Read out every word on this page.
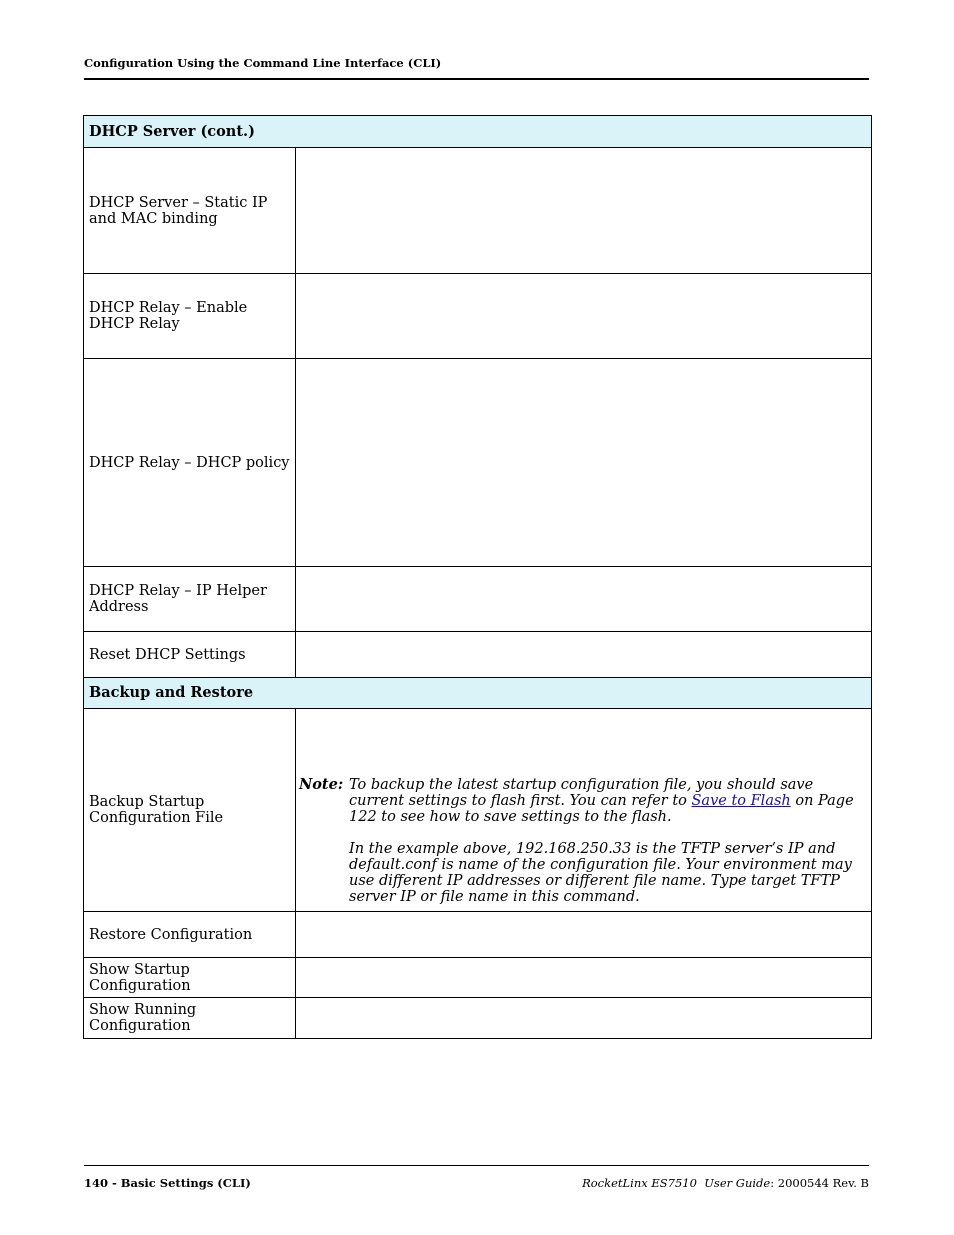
Configuration Using the Command Line Interface (CLI)
DHCP Server (cont.)	
DHCP Server – Static IP and MAC binding	
DHCP Relay – Enable DHCP Relay	
DHCP Relay – DHCP policy	
DHCP Relay – IP Helper Address	
Reset DHCP Settings	
Backup and Restore	
Backup Startup Configuration File	Note: To backup the latest startup configuration file, you should save current settings to flash first. You can refer to Save to Flash on Page 122 to see how to save settings to the flash.

In the example above, 192.168.250.33 is the TFTP server’s IP and default.conf is name of the configuration file. Your environment may use different IP addresses or different file name. Type target TFTP server IP or file name in this command.

Restore Configuration	
Show Startup Configuration	
Show Running Configuration	
140 - Basic Settings (CLI)	RocketLinx ES7510 User Guide: 2000544 Rev. B
